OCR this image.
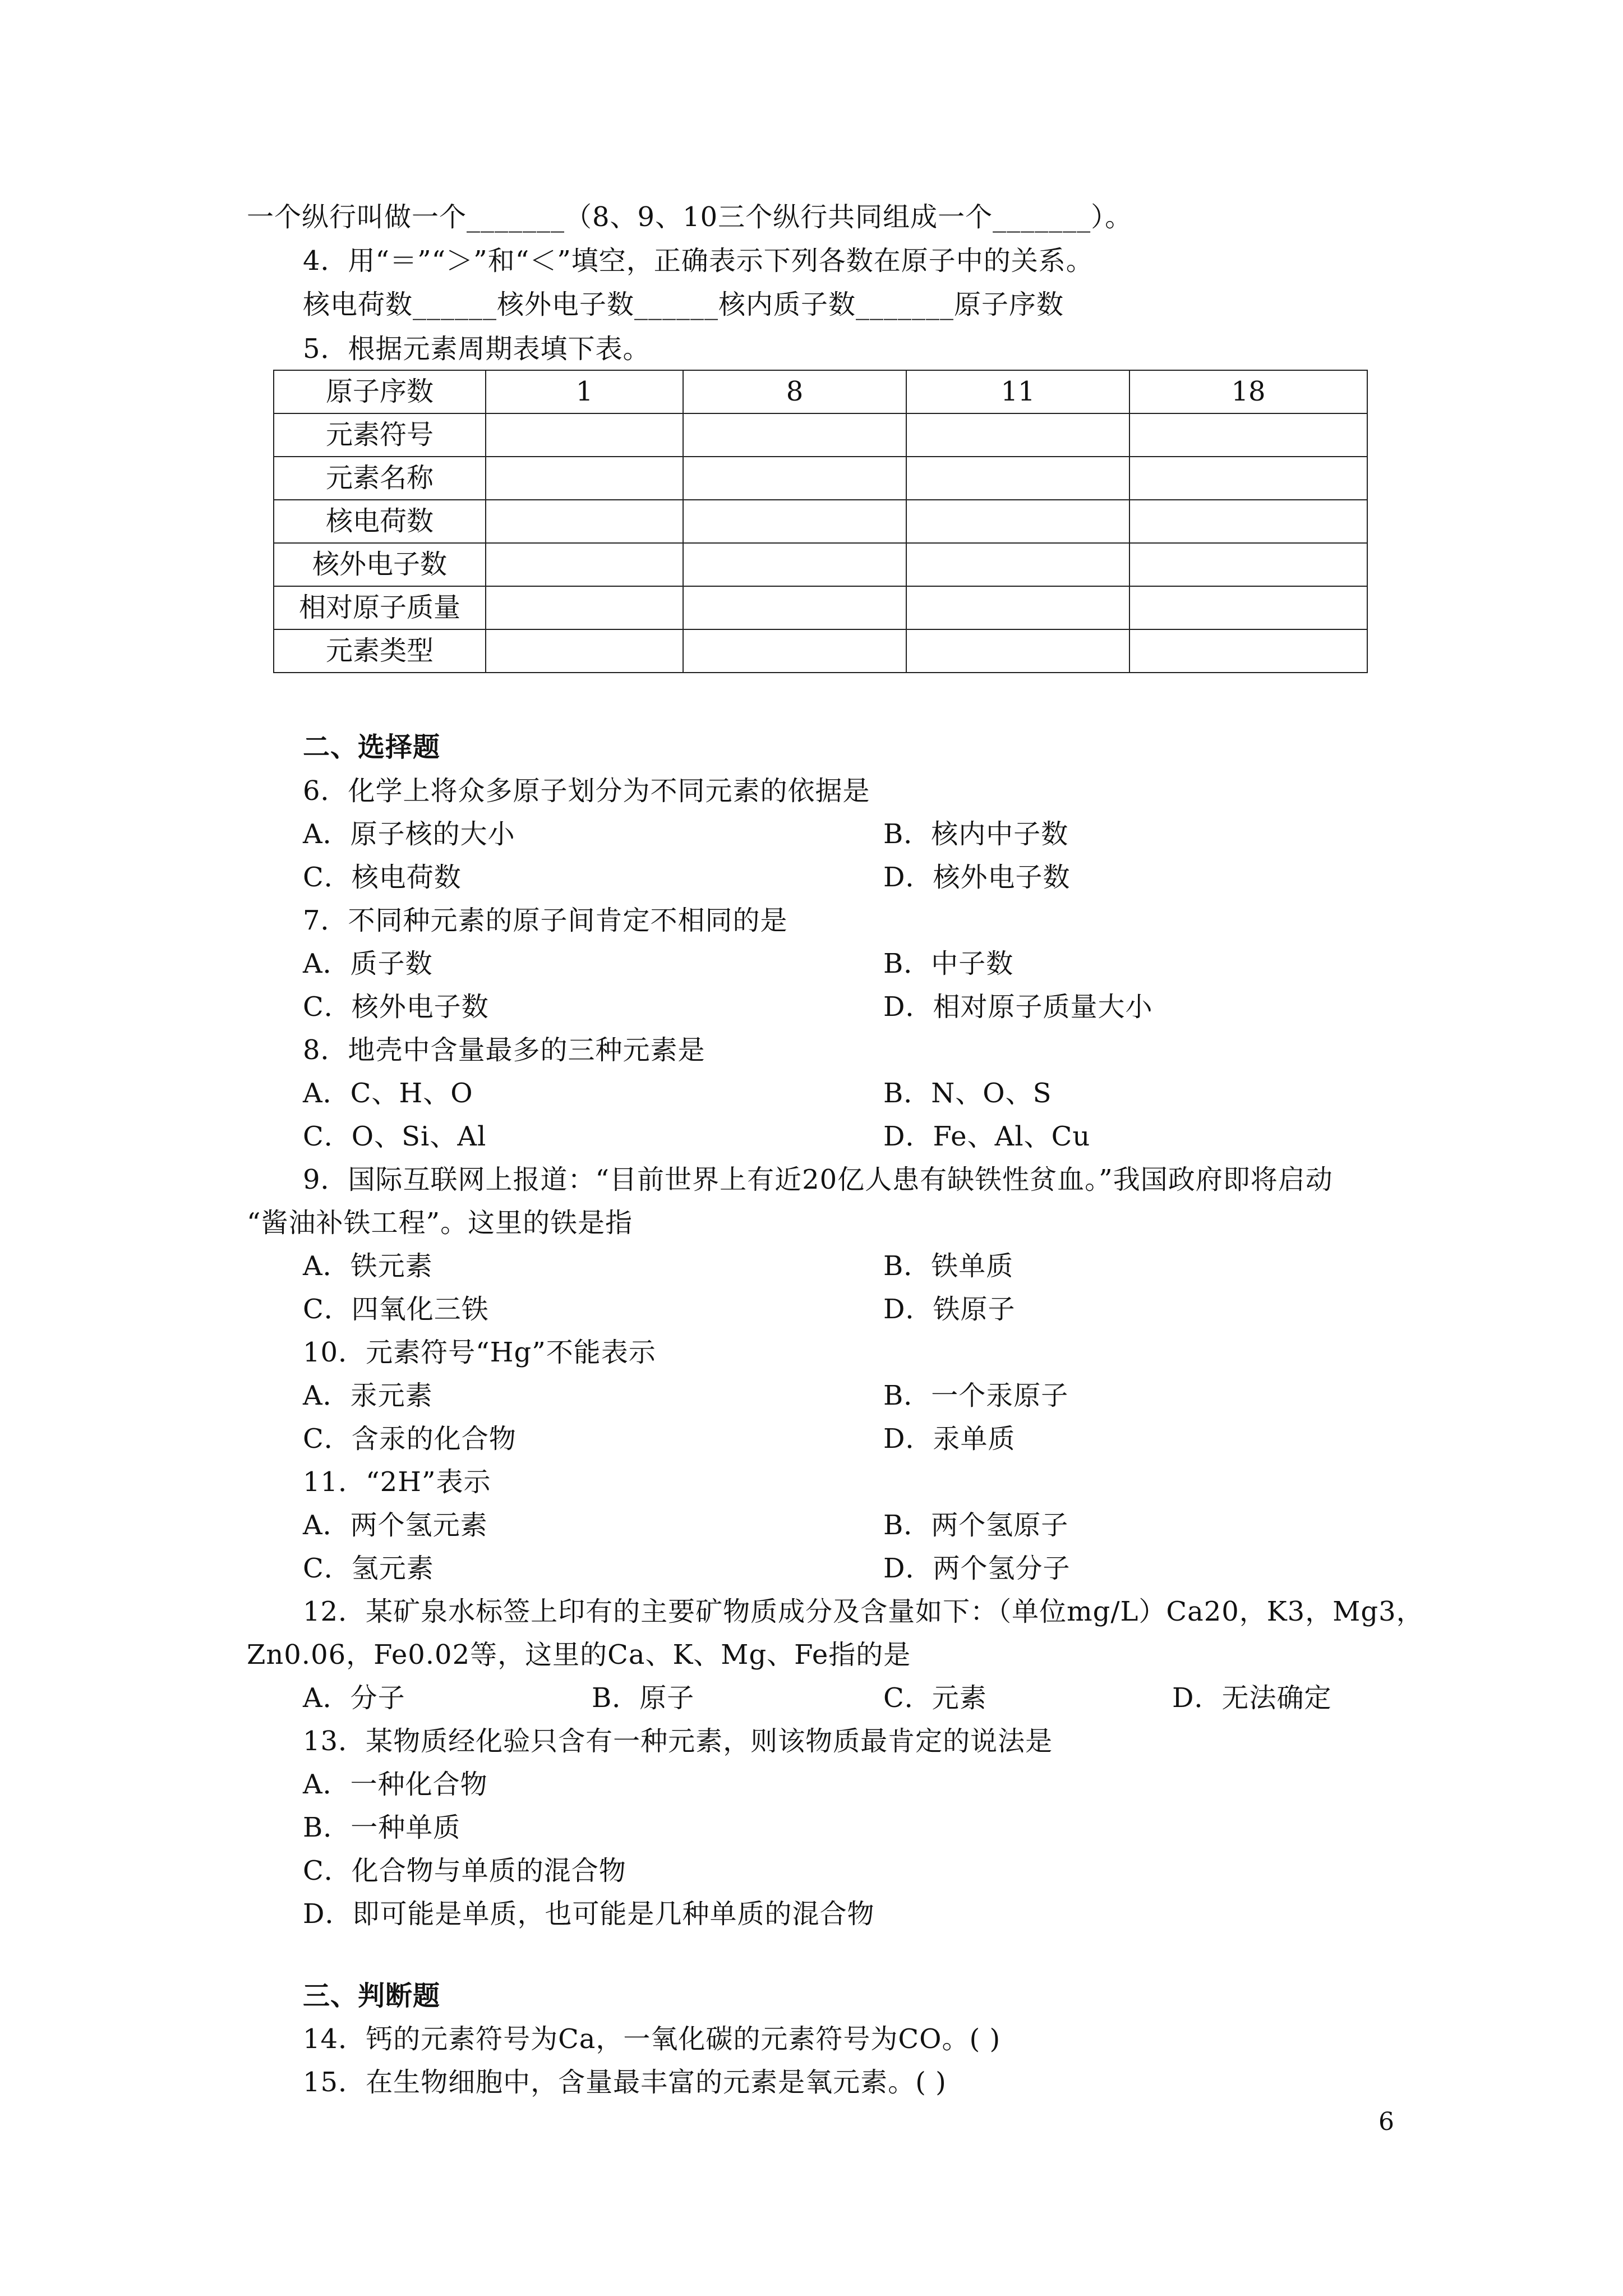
一个纵行叫做一个_______（8、9、10三个纵行共同组成一个_______）。

4．用“＝”“＞”和“＜”填空，正确表示下列各数在原子中的关系。

核电荷数______核外电子数______核内质子数_______原子序数

5．根据元素周期表填下表。

原子序数	1	8	11	18
元素符号				
元素名称				
核电荷数				
核外电子数				
相对原子质量				
元素类型				

二、选择题

6．化学上将众多原子划分为不同元素的依据是

A．原子核的大小	B．核内中子数

C．核电荷数	D．核外电子数

7．不同种元素的原子间肯定不相同的是

A．质子数	B．中子数

C．核外电子数	D．相对原子质量大小

8．地壳中含量最多的三种元素是

A．C、H、O	B．N、O、S

C．O、Si、Al	D．Fe、Al、Cu

9．国际互联网上报道：“目前世界上有近20亿人患有缺铁性贫血。”我国政府即将启动

“酱油补铁工程”。这里的铁是指

A．铁元素	B．铁单质

C．四氧化三铁	D．铁原子

10．元素符号“Hg”不能表示

A．汞元素	B．一个汞原子

C．含汞的化合物	D．汞单质

11．“2H”表示

A．两个氢元素	B．两个氢原子

C．氢元素	D．两个氢分子

12．某矿泉水标签上印有的主要矿物质成分及含量如下：（单位mg/L）Ca20，K3，Mg3，

Zn0.06，Fe0.02等，这里的Ca、K、Mg、Fe指的是

A．分子	B．原子	C．元素	D．无法确定

13．某物质经化验只含有一种元素，则该物质最肯定的说法是

A．一种化合物

B．一种单质

C．化合物与单质的混合物

D．即可能是单质，也可能是几种单质的混合物

三、判断题

14．钙的元素符号为Ca，一氧化碳的元素符号为CO。( )

15．在生物细胞中，含量最丰富的元素是氧元素。( )

6
